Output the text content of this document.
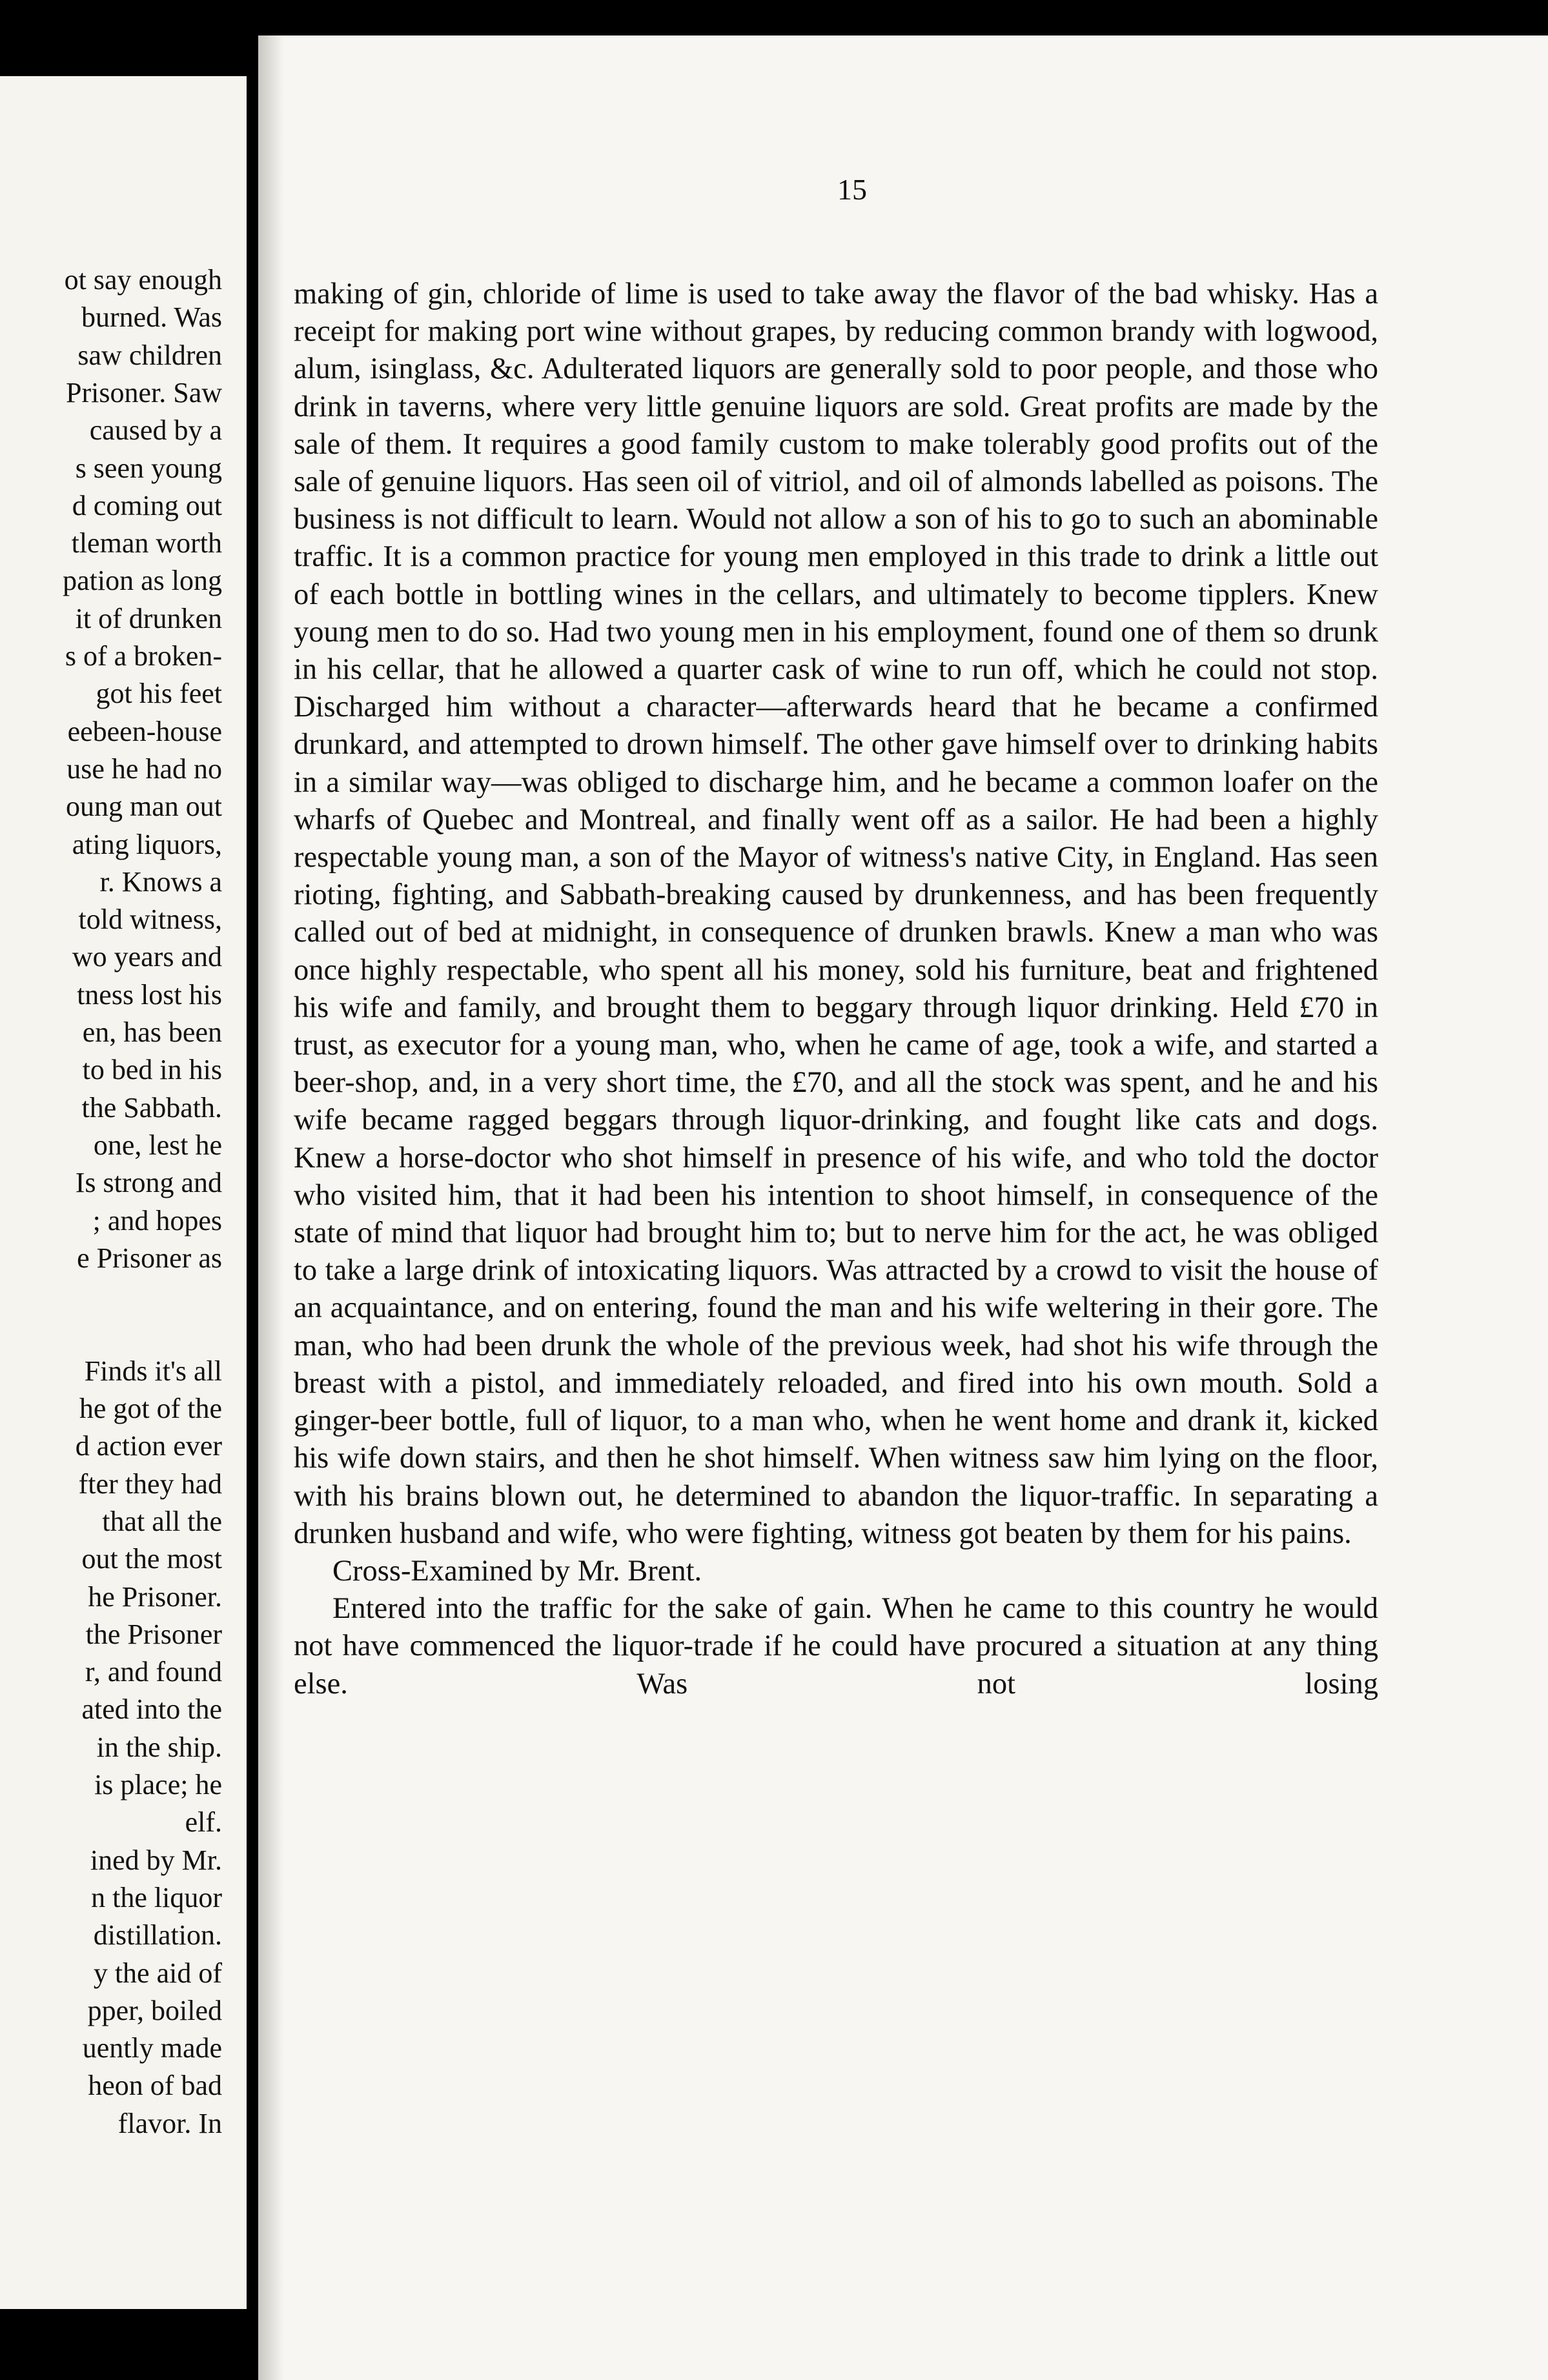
ot say enough
burned. Was
saw children
Prisoner. Saw
caused by a
s seen young
d coming out
tleman worth
pation as long
it of drunken
s of a broken-
got his feet
eebeen-house
use he had no
oung man out
ating liquors,
r. Knows a
told witness,
wo years and
tness lost his
en, has been
to bed in his
the Sabbath.
one, lest he
Is strong and
; and hopes
e Prisoner as
Finds it's all
he got of the
d action ever
fter they had
that all the
out the most
he Prisoner.
the Prisoner
r, and found
ated into the
in the ship.
is place; he
elf.
ined by Mr.
n the liquor
distillation.
y the aid of
pper, boiled
uently made
heon of bad
flavor. In
15

making of gin, chloride of lime is used to take away the flavor of the bad whisky. Has a receipt for making port wine without grapes, by reducing common brandy with logwood, alum, isinglass, &c. Adulterated liquors are generally sold to poor people, and those who drink in taverns, where very little genuine liquors are sold. Great profits are made by the sale of them. It requires a good family custom to make tolerably good profits out of the sale of genuine liquors. Has seen oil of vitriol, and oil of almonds labelled as poisons. The business is not difficult to learn. Would not allow a son of his to go to such an abominable traffic. It is a common practice for young men employed in this trade to drink a little out of each bottle in bottling wines in the cellars, and ultimately to become tipplers. Knew young men to do so. Had two young men in his employment, found one of them so drunk in his cellar, that he allowed a quarter cask of wine to run off, which he could not stop. Discharged him without a character—afterwards heard that he became a confirmed drunkard, and attempted to drown himself. The other gave himself over to drinking habits in a similar way—was obliged to discharge him, and he became a common loafer on the wharfs of Quebec and Montreal, and finally went off as a sailor. He had been a highly respectable young man, a son of the Mayor of witness's native City, in England. Has seen rioting, fighting, and Sabbath-breaking caused by drunkenness, and has been frequently called out of bed at midnight, in consequence of drunken brawls. Knew a man who was once highly respectable, who spent all his money, sold his furniture, beat and frightened his wife and family, and brought them to beggary through liquor drinking. Held £70 in trust, as executor for a young man, who, when he came of age, took a wife, and started a beer-shop, and, in a very short time, the £70, and all the stock was spent, and he and his wife became ragged beggars through liquor-drinking, and fought like cats and dogs. Knew a horse-doctor who shot himself in presence of his wife, and who told the doctor who visited him, that it had been his intention to shoot himself, in consequence of the state of mind that liquor had brought him to; but to nerve him for the act, he was obliged to take a large drink of intoxicating liquors. Was attracted by a crowd to visit the house of an acquaintance, and on entering, found the man and his wife weltering in their gore. The man, who had been drunk the whole of the previous week, had shot his wife through the breast with a pistol, and immediately reloaded, and fired into his own mouth. Sold a ginger-beer bottle, full of liquor, to a man who, when he went home and drank it, kicked his wife down stairs, and then he shot himself. When witness saw him lying on the floor, with his brains blown out, he determined to abandon the liquor-traffic. In separating a drunken husband and wife, who were fighting, witness got beaten by them for his pains.

Cross-Examined by Mr. Brent.

Entered into the traffic for the sake of gain. When he came to this country he would not have commenced the liquor-trade if he could have procured a situation at any thing else. Was not losing
